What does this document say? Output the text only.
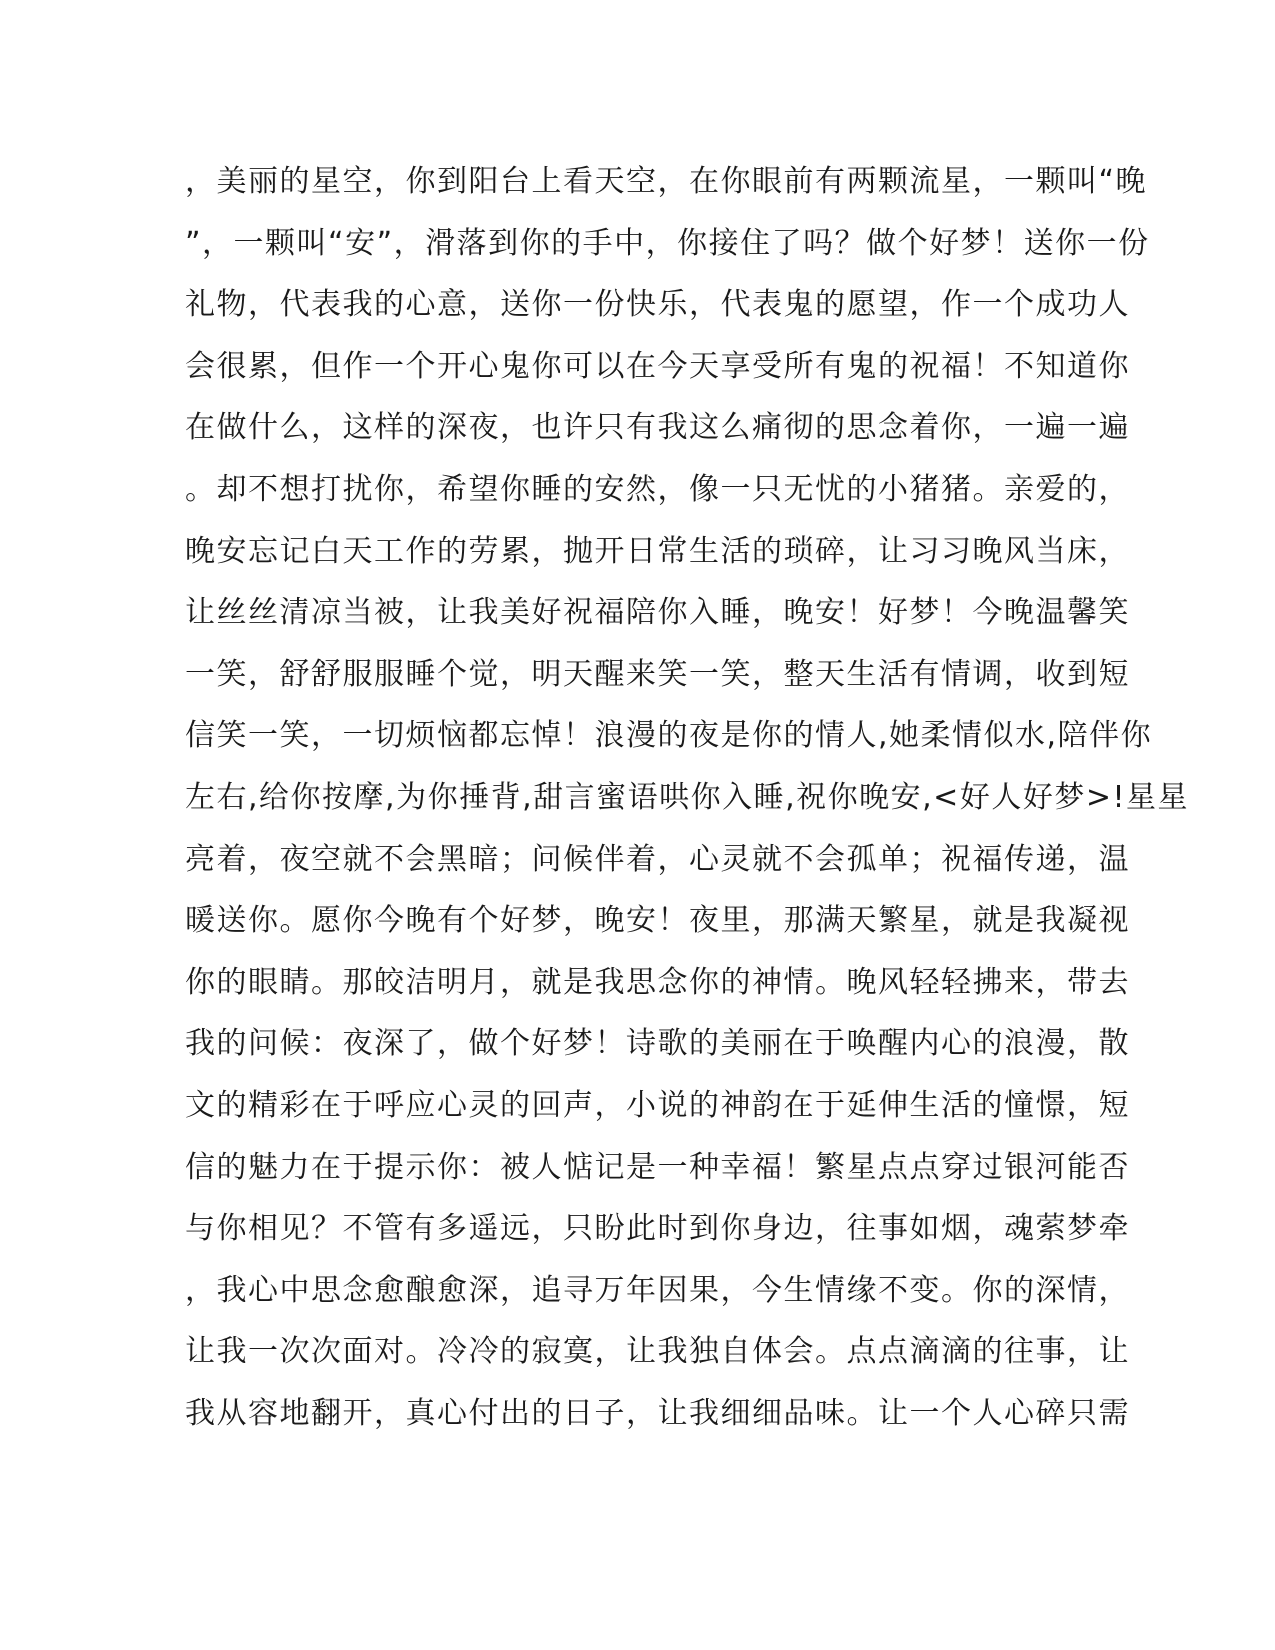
，美丽的星空，你到阳台上看天空，在你眼前有两颗流星，一颗叫“晚
”，一颗叫“安”，滑落到你的手中，你接住了吗？做个好梦！送你一份
礼物，代表我的心意，送你一份快乐，代表鬼的愿望，作一个成功人
会很累，但作一个开心鬼你可以在今天享受所有鬼的祝福！不知道你
在做什么，这样的深夜，也许只有我这么痛彻的思念着你，一遍一遍
。却不想打扰你，希望你睡的安然，像一只无忧的小猪猪。亲爱的，
晚安忘记白天工作的劳累，抛开日常生活的琐碎，让习习晚风当床，
让丝丝清凉当被，让我美好祝福陪你入睡，晚安！好梦！今晚温馨笑
一笑，舒舒服服睡个觉，明天醒来笑一笑，整天生活有情调，收到短
信笑一笑，一切烦恼都忘悼！浪漫的夜是你的情人,她柔情似水,陪伴你
左右,给你按摩,为你捶背,甜言蜜语哄你入睡,祝你晚安,<好人好梦>!星星
亮着，夜空就不会黑暗；问候伴着，心灵就不会孤单；祝福传递，温
暖送你。愿你今晚有个好梦，晚安！夜里，那满天繁星，就是我凝视
你的眼睛。那皎洁明月，就是我思念你的神情。晚风轻轻拂来，带去
我的问候：夜深了，做个好梦！诗歌的美丽在于唤醒内心的浪漫，散
文的精彩在于呼应心灵的回声，小说的神韵在于延伸生活的憧憬，短
信的魅力在于提示你：被人惦记是一种幸福！繁星点点穿过银河能否
与你相见？不管有多遥远，只盼此时到你身边，往事如烟，魂萦梦牵
，我心中思念愈酿愈深，追寻万年因果，今生情缘不变。你的深情，
让我一次次面对。冷冷的寂寞，让我独自体会。点点滴滴的往事，让
我从容地翻开，真心付出的日子，让我细细品味。让一个人心碎只需
